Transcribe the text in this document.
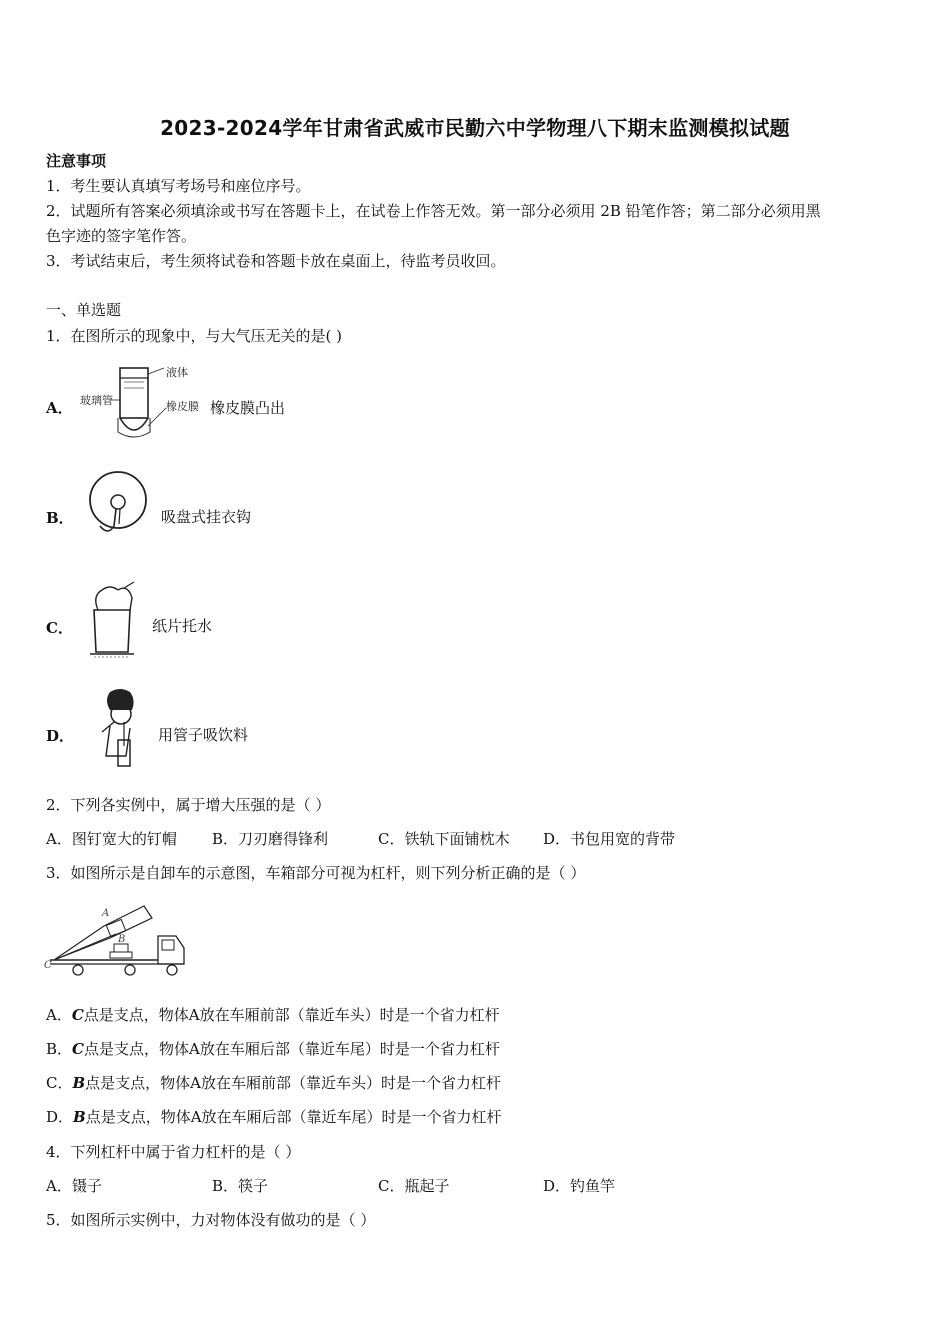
2023-2024学年甘肃省武威市民勤六中学物理八下期末监测模拟试题
注意事项
1．考生要认真填写考场号和座位序号。
2．试题所有答案必须填涂或书写在答题卡上，在试卷上作答无效。第一部分必须用 2B 铅笔作答；第二部分必须用黑
色字迹的签字笔作答。
3．考试结束后，考生须将试卷和答题卡放在桌面上，待监考员收回。
一、单选题
1．在图所示的现象中，与大气压无关的是( )
A．
液体
玻璃管	橡皮膜 橡皮膜凸出
B．	吸盘式挂衣钩
C．	纸片托水
D．	用管子吸饮料
2．下列各实例中，属于增大压强的是（ ）
A．图钉宽大的钉帽 B．刀刃磨得锋利	C．铁轨下面铺枕木 D．书包用宽的背带
3．如图所示是自卸车的示意图，车箱部分可视为杠杆，则下列分析正确的是（ ）
A
B
C
A．C点是支点，物体A放在车厢前部（靠近车头）时是一个省力杠杆
B．C点是支点，物体A放在车厢后部（靠近车尾）时是一个省力杠杆
C．B点是支点，物体A放在车厢前部（靠近车头）时是一个省力杠杆
D．B点是支点，物体A放在车厢后部（靠近车尾）时是一个省力杠杆
4．下列杠杆中属于省力杠杆的是（ ）
A．镊子	B．筷子	C．瓶起子	D．钓鱼竿
5．如图所示实例中，力对物体没有做功的是（ ）
